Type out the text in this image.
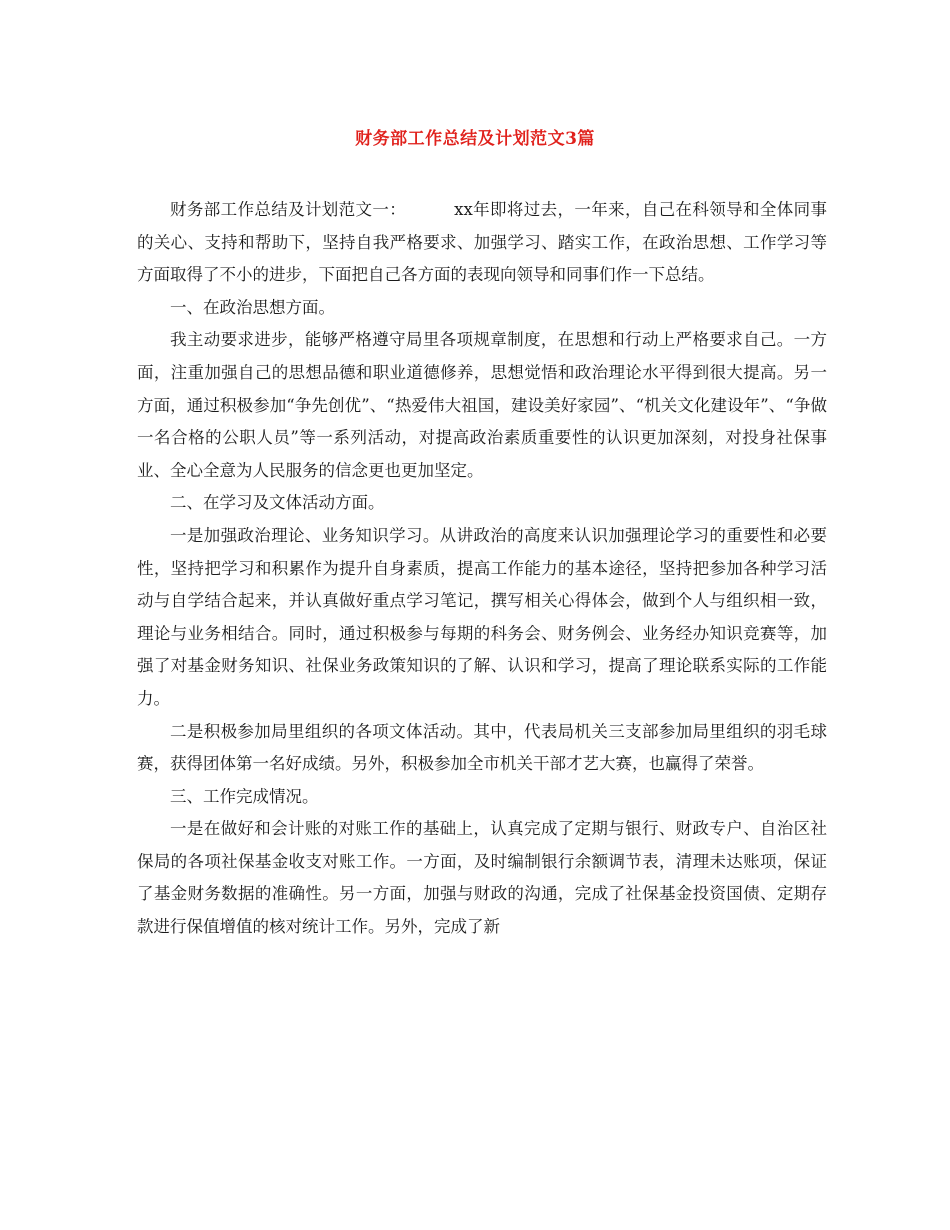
财务部工作总结及计划范文3篇

财务部工作总结及计划范文一：	xx年即将过去，一年来，自己在科领导和全体同事的关心、支持和帮助下，坚持自我严格要求、加强学习、踏实工作，在政治思想、工作学习等方面取得了不小的进步，下面把自己各方面的表现向领导和同事们作一下总结。

一、在政治思想方面。

我主动要求进步，能够严格遵守局里各项规章制度，在思想和行动上严格要求自己。一方面，注重加强自己的思想品德和职业道德修养，思想觉悟和政治理论水平得到很大提高。另一方面，通过积极参加“争先创优”、“热爱伟大祖国，建设美好家园”、“机关文化建设年”、“争做一名合格的公职人员”等一系列活动，对提高政治素质重要性的认识更加深刻，对投身社保事业、全心全意为人民服务的信念更也更加坚定。

二、在学习及文体活动方面。

一是加强政治理论、业务知识学习。从讲政治的高度来认识加强理论学习的重要性和必要性，坚持把学习和积累作为提升自身素质，提高工作能力的基本途径，坚持把参加各种学习活动与自学结合起来，并认真做好重点学习笔记，撰写相关心得体会，做到个人与组织相一致，理论与业务相结合。同时，通过积极参与每期的科务会、财务例会、业务经办知识竞赛等，加强了对基金财务知识、社保业务政策知识的了解、认识和学习，提高了理论联系实际的工作能力。

二是积极参加局里组织的各项文体活动。其中，代表局机关三支部参加局里组织的羽毛球赛，获得团体第一名好成绩。另外，积极参加全市机关干部才艺大赛，也赢得了荣誉。

三、工作完成情况。

一是在做好和会计账的对账工作的基础上，认真完成了定期与银行、财政专户、自治区社保局的各项社保基金收支对账工作。一方面，及时编制银行余额调节表，清理未达账项，保证了基金财务数据的准确性。另一方面，加强与财政的沟通，完成了社保基金投资国债、定期存款进行保值增值的核对统计工作。另外，完成了新
